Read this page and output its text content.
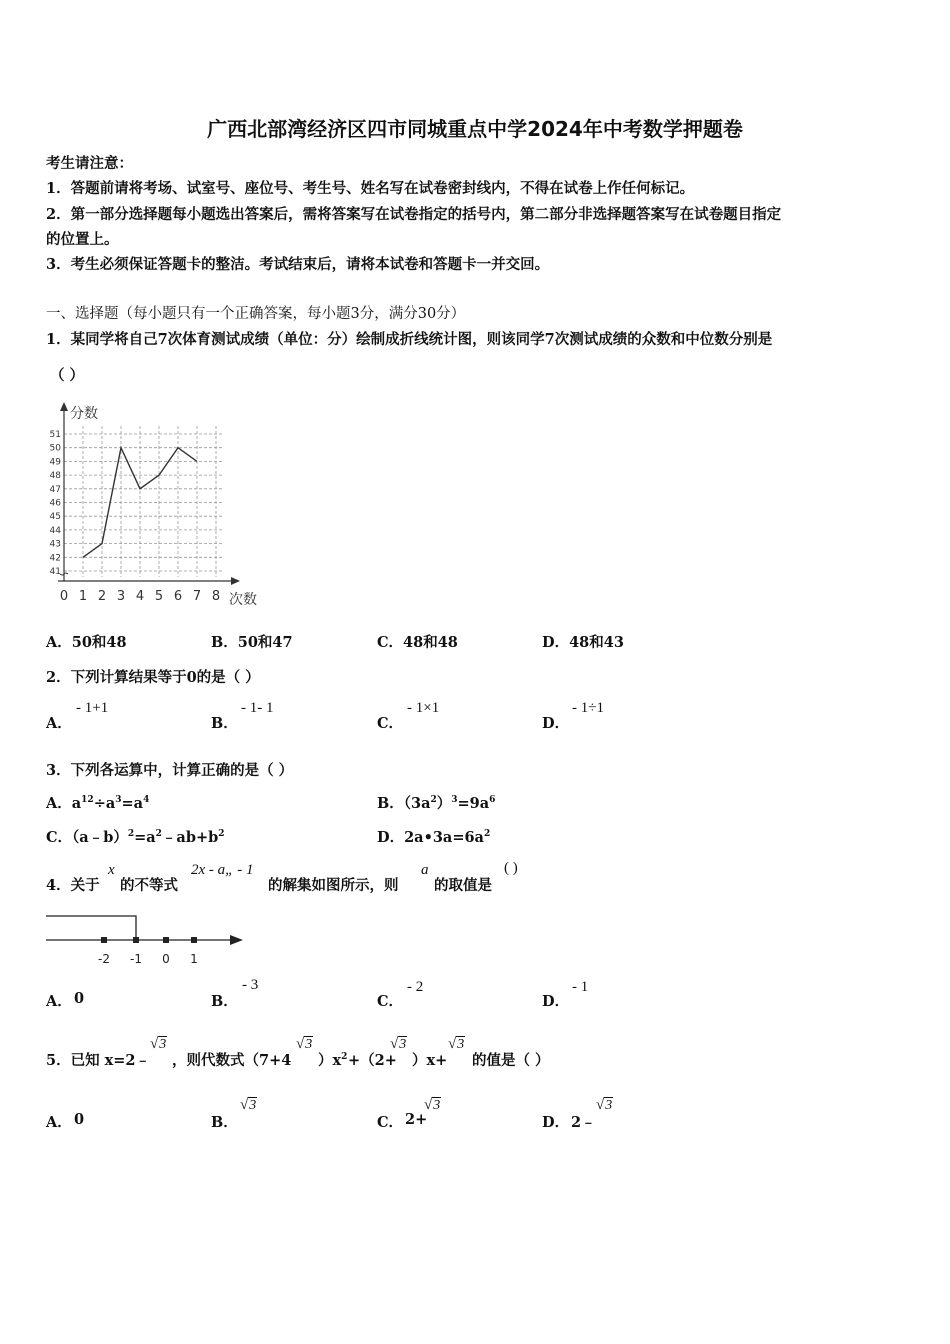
广西北部湾经济区四市同城重点中学2024年中考数学押题卷
考生请注意：
1．答题前请将考场、试室号、座位号、考生号、姓名写在试卷密封线内，不得在试卷上作任何标记。
2．第一部分选择题每小题选出答案后，需将答案写在试卷指定的括号内，第二部分非选择题答案写在试卷题目指定
的位置上。
3．考生必须保证答题卡的整洁。考试结束后，请将本试卷和答题卡一并交回。
一、选择题（每小题只有一个正确答案，每小题3分，满分30分）
1．某同学将自己7次体育测试成绩（单位：分）绘制成折线统计图，则该同学7次测试成绩的众数和中位数分别是
（ ）
0 1 2 3 4 5 6 7 8
41
42
43
44
45
46
47
48
49
50
51
分数
次数
A．50和48	B．50和47	C．48和48	D．48和43
2．下列计算结果等于0的是（ ）
A．
- 1+1
B．
- 1- 1
C．
- 1×1
D．
- 1÷1
3．下列各运算中，计算正确的是（ ）
A．$a^{12}\div a^3=a^4$	B．$(3a^2)^3=9a^6$
C．$(a﹣b)^2=a^2﹣ab+b^2$	D．$2a•3a=6a^2$
4．关于
x
的不等式
2x - a„ - 1
的解集如图所示，则
a
的取值是
( )
-2 -1 0 1
A． 0	B．
- 3
C．
- 2
D．
- 1
5．已知 x=2﹣
√3
，则代数式（7+4
√3
）$x^2 +(2+$
√3
）x+
√3
的值是（ ）
A． 0	B．
√3
C． 2+
√3
D． 2﹣
√3
